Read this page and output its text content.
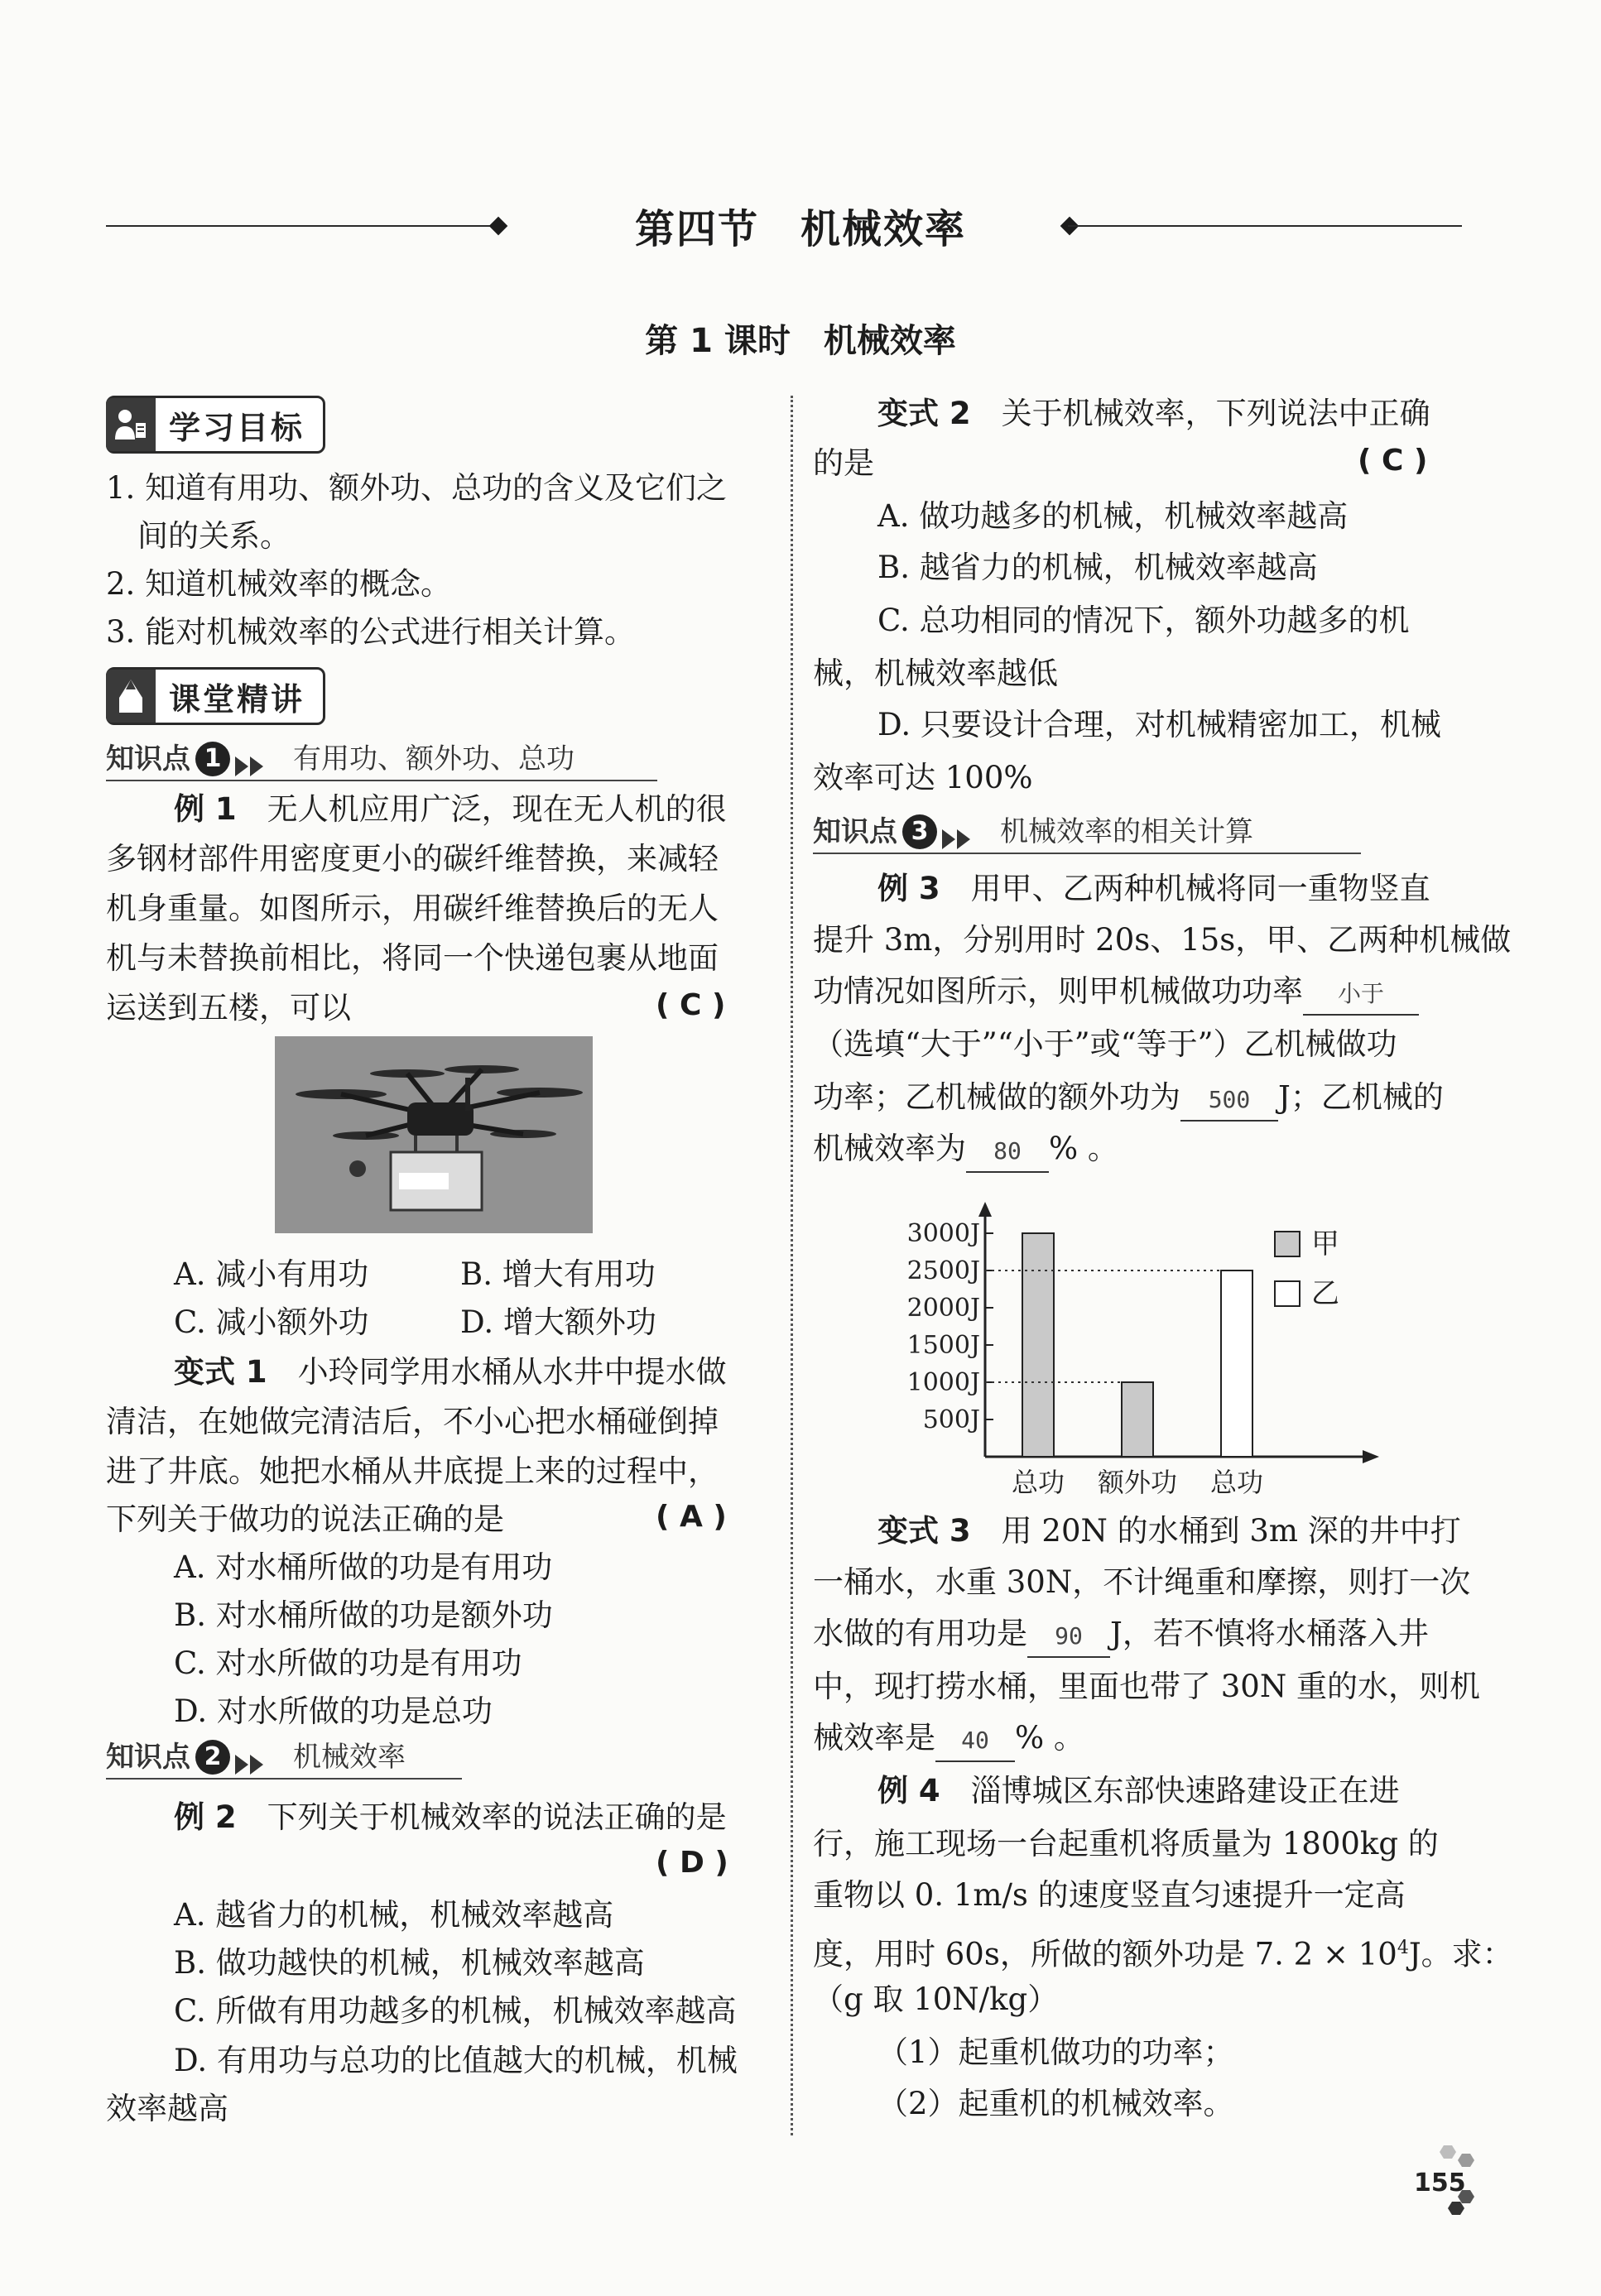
第四节　机械效率
第 1 课时　机械效率
学习目标
1. 知道有用功、额外功、总功的含义及它们之
间的关系。
2. 知道机械效率的概念。
3. 能对机械效率的公式进行相关计算。
课堂精讲
知识点 1	有用功、额外功、总功
例 1　 无人机应用广泛，现在无人机的很
多钢材部件用密度更小的碳纤维替换，来减轻
机身重量。如图所示，用碳纤维替换后的无人
机与未替换前相比，将同一个快递包裹从地面
运送到五楼，可以	( C )
A. 减小有用功	B. 增大有用功
C. 减小额外功	D. 增大额外功
变式 1　 小玲同学用水桶从水井中提水做
清洁，在她做完清洁后，不小心把水桶碰倒掉
进了井底。她把水桶从井底提上来的过程中，
下列关于做功的说法正确的是	( A )
A. 对水桶所做的功是有用功
B. 对水桶所做的功是额外功
C. 对水所做的功是有用功
D. 对水所做的功是总功
知识点 2	机械效率
例 2　 下列关于机械效率的说法正确的是
( D )
A. 越省力的机械，机械效率越高
B. 做功越快的机械，机械效率越高
C. 所做有用功越多的机械，机械效率越高
D. 有用功与总功的比值越大的机械，机械
效率越高
变式 2　 关于机械效率，下列说法中正确
的是	( C )
A. 做功越多的机械，机械效率越高
B. 越省力的机械，机械效率越高
C. 总功相同的情况下，额外功越多的机
械，机械效率越低
D. 只要设计合理，对机械精密加工，机械
效率可达 100%
知识点 3	机械效率的相关计算
例 3　 用甲、乙两种机械将同一重物竖直
提升 3m，分别用时 20s、15s，甲、乙两种机械做
功情况如图所示，则甲机械做功功率 小于
（选填“大于”“小于”或“等于”）乙机械做功
功率；乙机械做的额外功为 500 J；乙机械的
机械效率为 80 % 。
3000J
2500J
2000J
1500J
1000J
500J
总功 额外功 总功
甲
乙
变式 3　 用 20N 的水桶到 3m 深的井中打
一桶水，水重 30N，不计绳重和摩擦，则打一次
水做的有用功是 90 J，若不慎将水桶落入井
中，现打捞水桶，里面也带了 30N 重的水，则机
械效率是 40 % 。
例 4　 淄博城区东部快速路建设正在进
行，施工现场一台起重机将质量为 1800kg 的
重物以 0. 1m/s 的速度竖直匀速提升一定高
度，用时 60s，所做的额外功是 7. $2 \times 10^4J$。求：
（g 取 10N/kg）
（1）起重机做功的功率；
（2）起重机的机械效率。
155
